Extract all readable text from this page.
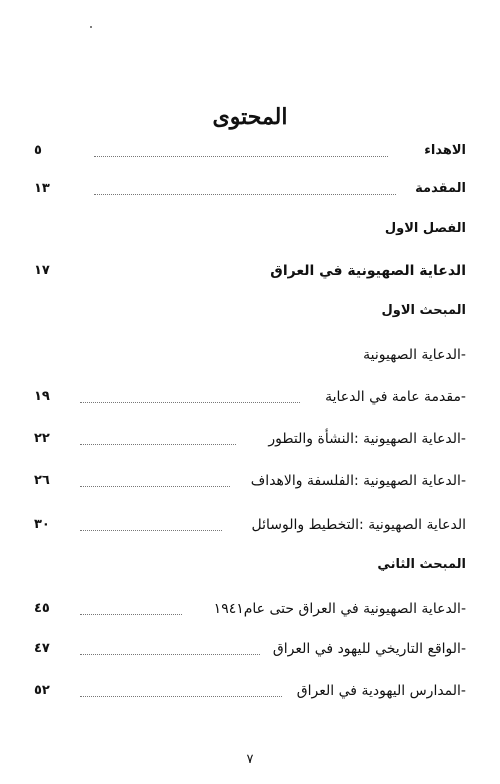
المحتوى
الاهداء
٥
المقدمة
١٣
الفصل الاول
الدعاية الصهيونية في العراق
١٧
المبحث الاول
-الدعاية الصهيونية
-مقدمة عامة في الدعاية
١٩
-الدعاية الصهيونية :النشأة والتطور
٢٢
-الدعاية الصهيونية :الفلسفة والاهداف
٢٦
الدعاية الصهيونية :التخطيط والوسائل
٣٠
المبحث الثاني
-الدعاية الصهيونية في العراق حتى عام١٩٤١
٤٥
-الواقع التاريخي لليهود في العراق
٤٧
-المدارس اليهودية في العراق
٥٢
٧
